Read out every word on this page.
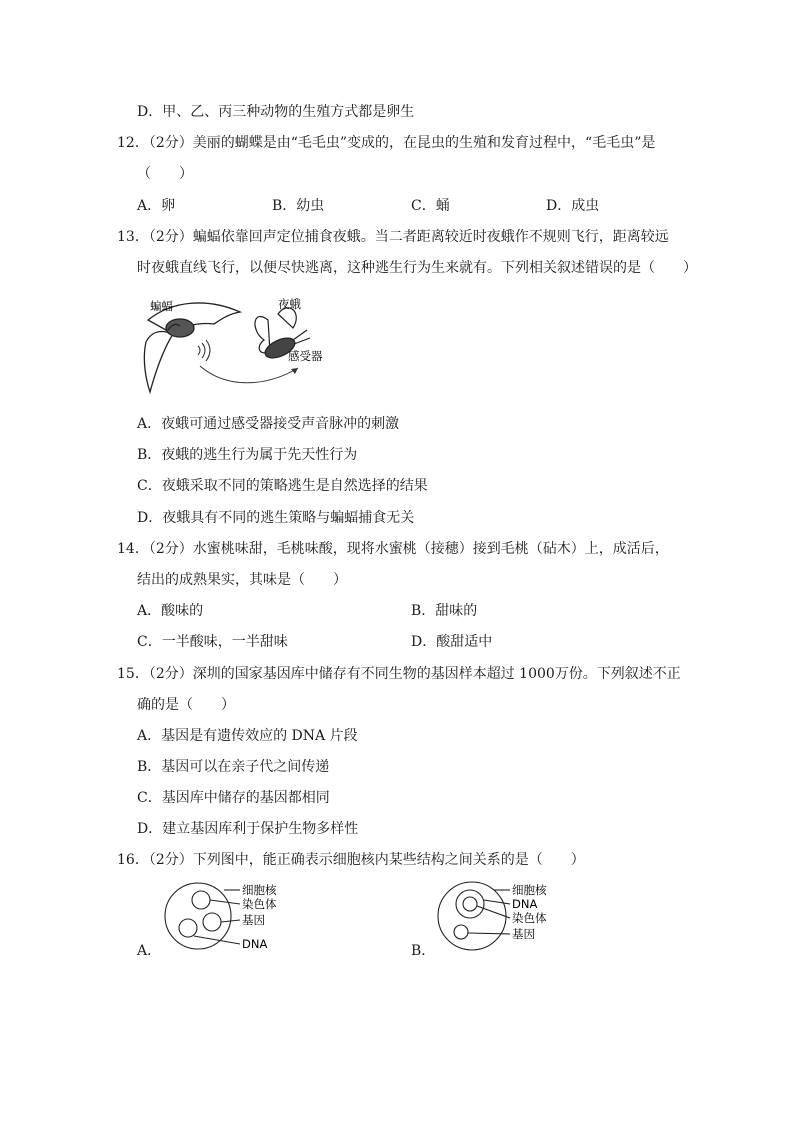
D．甲、乙、丙三种动物的生殖方式都是卵生
12．（2分）美丽的蝴蝶是由“毛毛虫”变成的，在昆虫的生殖和发育过程中，“毛毛虫”是
（　　）
A．卵	B．幼虫	C．蛹	D．成虫
13．（2分）蝙蝠依靠回声定位捕食夜蛾。当二者距离较近时夜蛾作不规则飞行，距离较远
时夜蛾直线飞行，以便尽快逃离，这种逃生行为生来就有。下列相关叙述错误的是（　　）
蝙蝠	夜蛾
感受器
A．夜蛾可通过感受器接受声音脉冲的刺激
B．夜蛾的逃生行为属于先天性行为
C．夜蛾采取不同的策略逃生是自然选择的结果
D．夜蛾具有不同的逃生策略与蝙蝠捕食无关
14．（2分）水蜜桃味甜，毛桃味酸，现将水蜜桃（接穗）接到毛桃（砧木）上，成活后，
结出的成熟果实，其味是（　　）
A．酸味的	B．甜味的
C．一半酸味，一半甜味	D．酸甜适中
15．（2分）深圳的国家基因库中储存有不同生物的基因样本超过 1000万份。下列叙述不正
确的是（　　）
A．基因是有遗传效应的 DNA 片段
B．基因可以在亲子代之间传递
C．基因库中储存的基因都相同
D．建立基因库利于保护生物多样性
16．（2分）下列图中，能正确表示细胞核内某些结构之间关系的是（　　）
A．
细胞核
染色体
基因
DNA	B．
细胞核
DNA
染色体
基因
